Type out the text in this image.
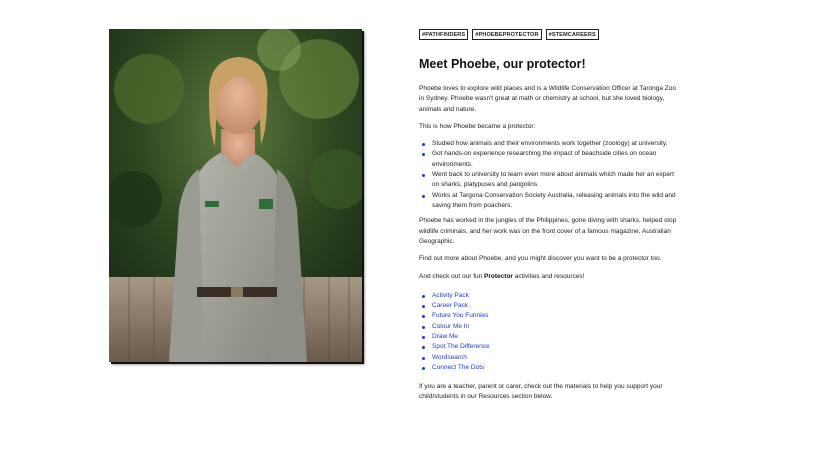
#PATHFINDERS	#PHOEBEPROTECTOR	#STEMCAREERS
Meet Phoebe, our protector!

Phoebe loves to explore wild places and is a Wildlife Conservation Officer at Taronga Zoo in Sydney. Phoebe wasn't great at math or chemistry at school, but she loved biology, animals and nature.

This is how Phoebe became a protector:

Studied how animals and their environments work together (zoology) at university.
Got hands-on experience researching the impact of beachside cities on ocean environments.
Went back to university to learn even more about animals which made her an expert on sharks, platypuses and pangolins.
Works at Targona Conservation Society Australia, releasing animals into the wild and saving them from poachers.

Phoebe has worked in the jungles of the Philippines, gone diving with sharks, helped stop wildlife criminals, and her work was on the front cover of a famous magazine, Australian Geographic.

Find out more about Phoebe, and you might discover you want to be a protector too.

And check out our fun Protector activities and resources!

Activity Pack
Career Pack
Future You Funnies
Colour Me In
Draw Me
Spot The Difference
Wordsearch
Connect The Dots

If you are a teacher, parent or carer, check out the materials to help you support your child/students in our Resources section below.
